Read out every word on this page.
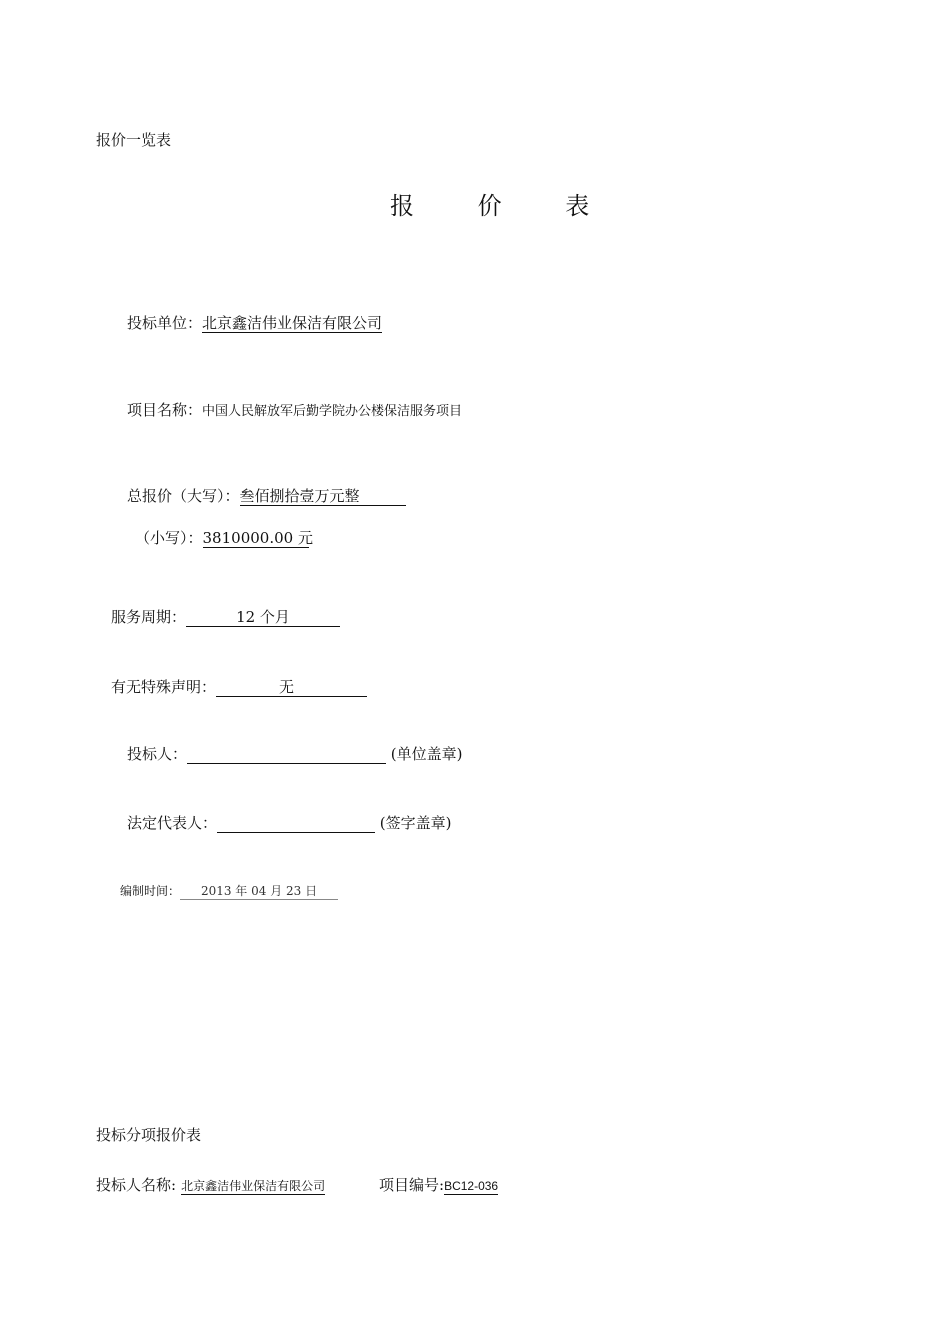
报价一览表
报 价 表
投标单位：北京鑫洁伟业保洁有限公司
项目名称：中国人民解放军后勤学院办公楼保洁服务项目
总报价（大写）：叁佰捌拾壹万元整
（小写）：3810000.00 元
服务周期：	12 个月
有无特殊声明：	无
投标人：	(单位盖章)
法定代表人：	(签字盖章)
编制时间： 2013 年 04 月 23 日
投标分项报价表
投标人名称: 北京鑫洁伟业保洁有限公司	项目编号:BC12-036
